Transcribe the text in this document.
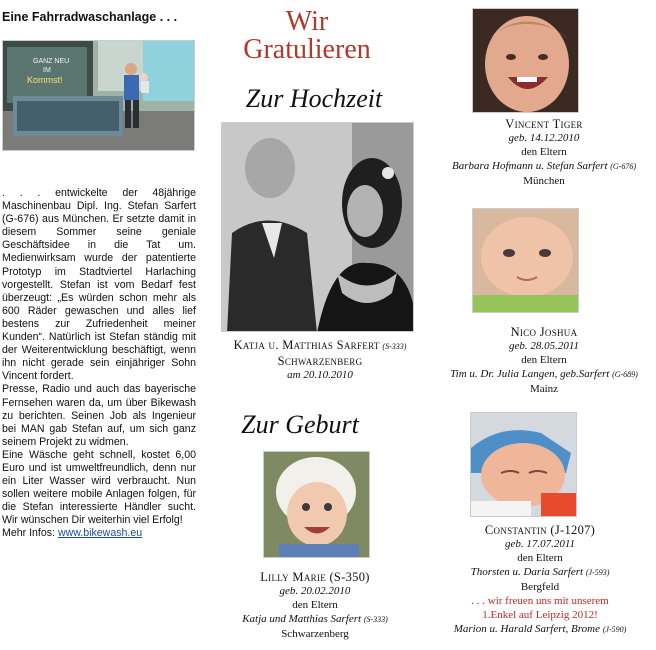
Eine Fahrradwaschanlage . . .
GANZ NEU
IM
Kommst!

. . . entwickelte der 48jährige Maschinenbau Dipl. Ing. Stefan Sarfert (G-676) aus München. Er setzte damit in diesem Sommer seine geniale Geschäftsidee in die Tat um. Medienwirksam wurde der patentierte Prototyp im Stadtviertel Harlaching vorgestellt. Stefan ist vom Bedarf fest überzeugt: „Es würden schon mehr als 600 Räder gewaschen und alles lief bestens zur Zufriedenheit meiner Kunden“. Natürlich ist Stefan ständig mit der Weiterentwicklung beschäftigt, wenn ihn nicht gerade sein einjähriger Sohn Vincent fordert.

Presse, Radio und auch das bayerische Fernsehen waren da, um über Bikewash zu berichten. Seinen Job als Ingenieur bei MAN gab Stefan auf, um sich ganz seinem Projekt zu widmen.

Eine Wäsche geht schnell, kostet 6,00 Euro und ist umweltfreundlich, denn nur ein Liter Wasser wird verbraucht. Nun sollen weitere mobile Anlagen folgen, für die Stefan interessierte Händler sucht. Wir wünschen Dir weiterhin viel Erfolg!

Mehr Infos: www.bikewash.eu

Wir
Gratulieren
Zur Hochzeit
Katja u. Matthias Sarfert (S-333)
Schwarzenberg
am 20.10.2010
Zur Geburt
Lilly Marie (S-350)
geb. 20.02.2010
den Eltern
Katja und Matthias Sarfert (S-333)
Schwarzenberg
Vincent Tiger
geb. 14.12.2010
den Eltern
Barbara Hofmann u. Stefan Sarfert (G-676)
München
Nico Joshua
geb. 28.05.2011
den Eltern
Tim u. Dr. Julia Langen, geb.Sarfert (G-689)
Mainz
Constantin (J-1207)
geb. 17.07.2011
den Eltern
Thorsten u. Daria Sarfert (J-593)
Bergfeld
. . . wir freuen uns mit unserem
1.Enkel auf Leipzig 2012!
Marion u. Harald Sarfert, Brome (J-590)
